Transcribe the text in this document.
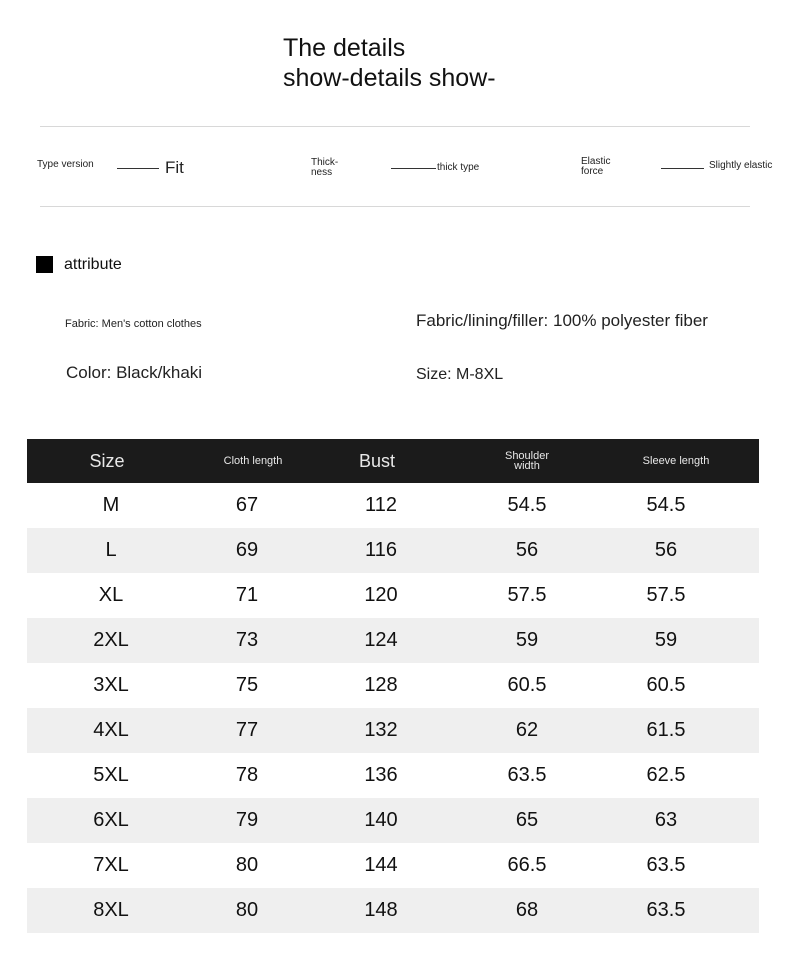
The details
show-details show-
Type version	Fit	Thick-
ness	thick type
Elastic
force
Slightly elastic
attribute
Fabric: Men's cotton clothes	Fabric/lining/filler: 100% polyester fiber
Color: Black/khaki	Size: M-8XL
Size	Cloth length	Bust	Shoulder
width	Sleeve length
M	67	112	54.5	54.5
L	69	116	56	56
XL	71	120	57.5	57.5
2XL	73	124	59	59
3XL	75	128	60.5	60.5
4XL	77	132	62	61.5
5XL	78	136	63.5	62.5
6XL	79	140	65	63
7XL	80	144	66.5	63.5
8XL	80	148	68	63.5
